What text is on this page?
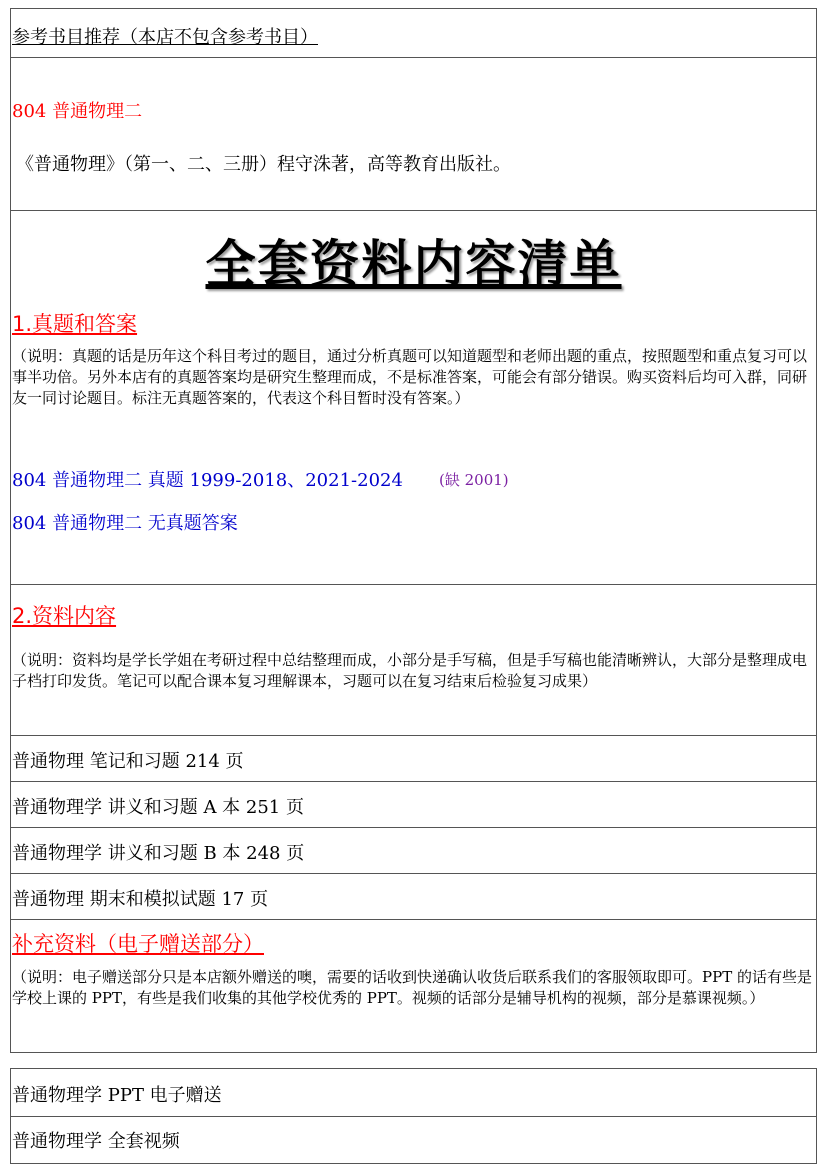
参考书目推荐（本店不包含参考书目）
804 普通物理二
《普通物理》（第一、二、三册）程守洙著，高等教育出版社。
全套资料内容清单
1.真题和答案
（说明：真题的话是历年这个科目考过的题目，通过分析真题可以知道题型和老师出题的重点，按照题型和重点复习可以事半功倍。另外本店有的真题答案均是研究生整理而成，不是标准答案，可能会有部分错误。购买资料后均可入群，同研友一同讨论题目。标注无真题答案的，代表这个科目暂时没有答案。）
804 普通物理二 真题 1999-2018、2021-2024 (缺 2001)
804 普通物理二 无真题答案
2.资料内容
（说明：资料均是学长学姐在考研过程中总结整理而成，小部分是手写稿，但是手写稿也能清晰辨认，大部分是整理成电子档打印发货。笔记可以配合课本复习理解课本，习题可以在复习结束后检验复习成果）
普通物理 笔记和习题 214 页
普通物理学 讲义和习题 A 本 251 页
普通物理学 讲义和习题 B 本 248 页
普通物理 期末和模拟试题 17 页
补充资料（电子赠送部分）
（说明：电子赠送部分只是本店额外赠送的噢，需要的话收到快递确认收货后联系我们的客服领取即可。PPT 的话有些是学校上课的 PPT，有些是我们收集的其他学校优秀的 PPT。视频的话部分是辅导机构的视频，部分是慕课视频。）
普通物理学 PPT 电子赠送
普通物理学 全套视频
